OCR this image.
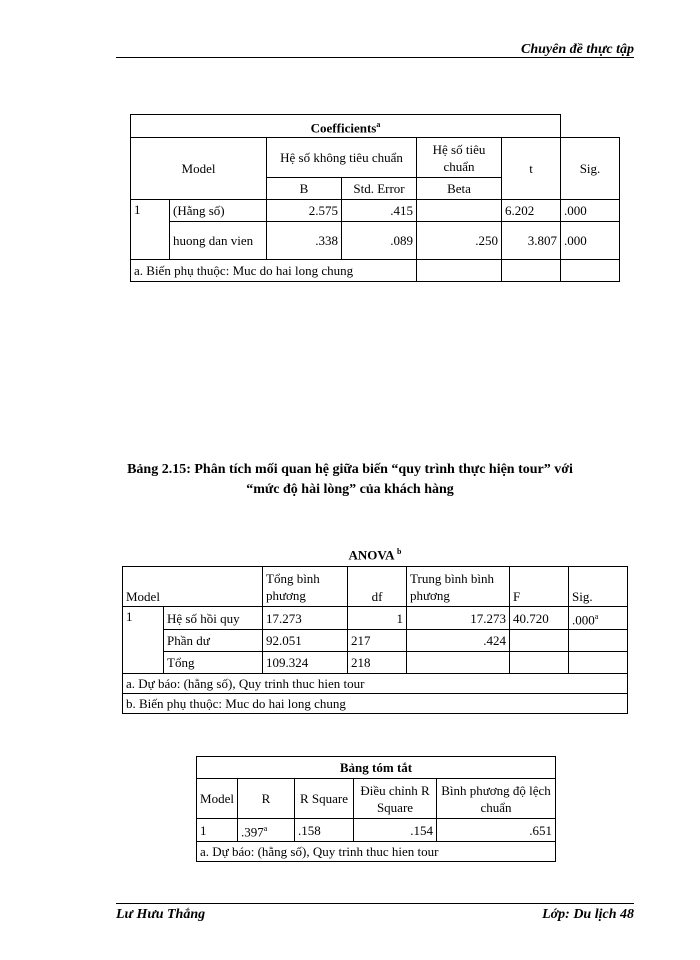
Chuyên đề thực tập
Coefficients$^a$
Model		Hệ số không tiêu chuẩn		Hệ số tiêu chuẩn	t	Sig.
		B	Std. Error	Beta		
1	(Hằng số)	2.575	.415		6.202	.000
	huong dan vien	.338	.089	.250	3.807	.000
a. Biến phụ thuộc: Muc do hai long chung						
Bảng 2.15: Phân tích mối quan hệ giữa biến “quy trình thực hiện tour” với
“mức độ hài lòng” của khách hàng
ANOVA $^b$
Model		Tổng bình phương	df	Trung bình bình phương	F	Sig.
1	Hệ số hồi quy	17.273	1	17.273	40.720	.000$^a$
	Phần dư	92.051	217	.424		
	Tổng	109.324	218			
a. Dự báo: (hằng số), Quy trinh thuc hien tour						
b. Biến phụ thuộc: Muc do hai long chung						
Bảng tóm tắt				
Model	R	R Square	Điều chỉnh R Square	Bình phương độ lệch chuẩn
1	.397$^a$	.158	.154	.651
a. Dự báo: (hằng số), Quy trinh thuc hien tour				
Lư Hưu Thắng	Lớp: Du lịch 48
